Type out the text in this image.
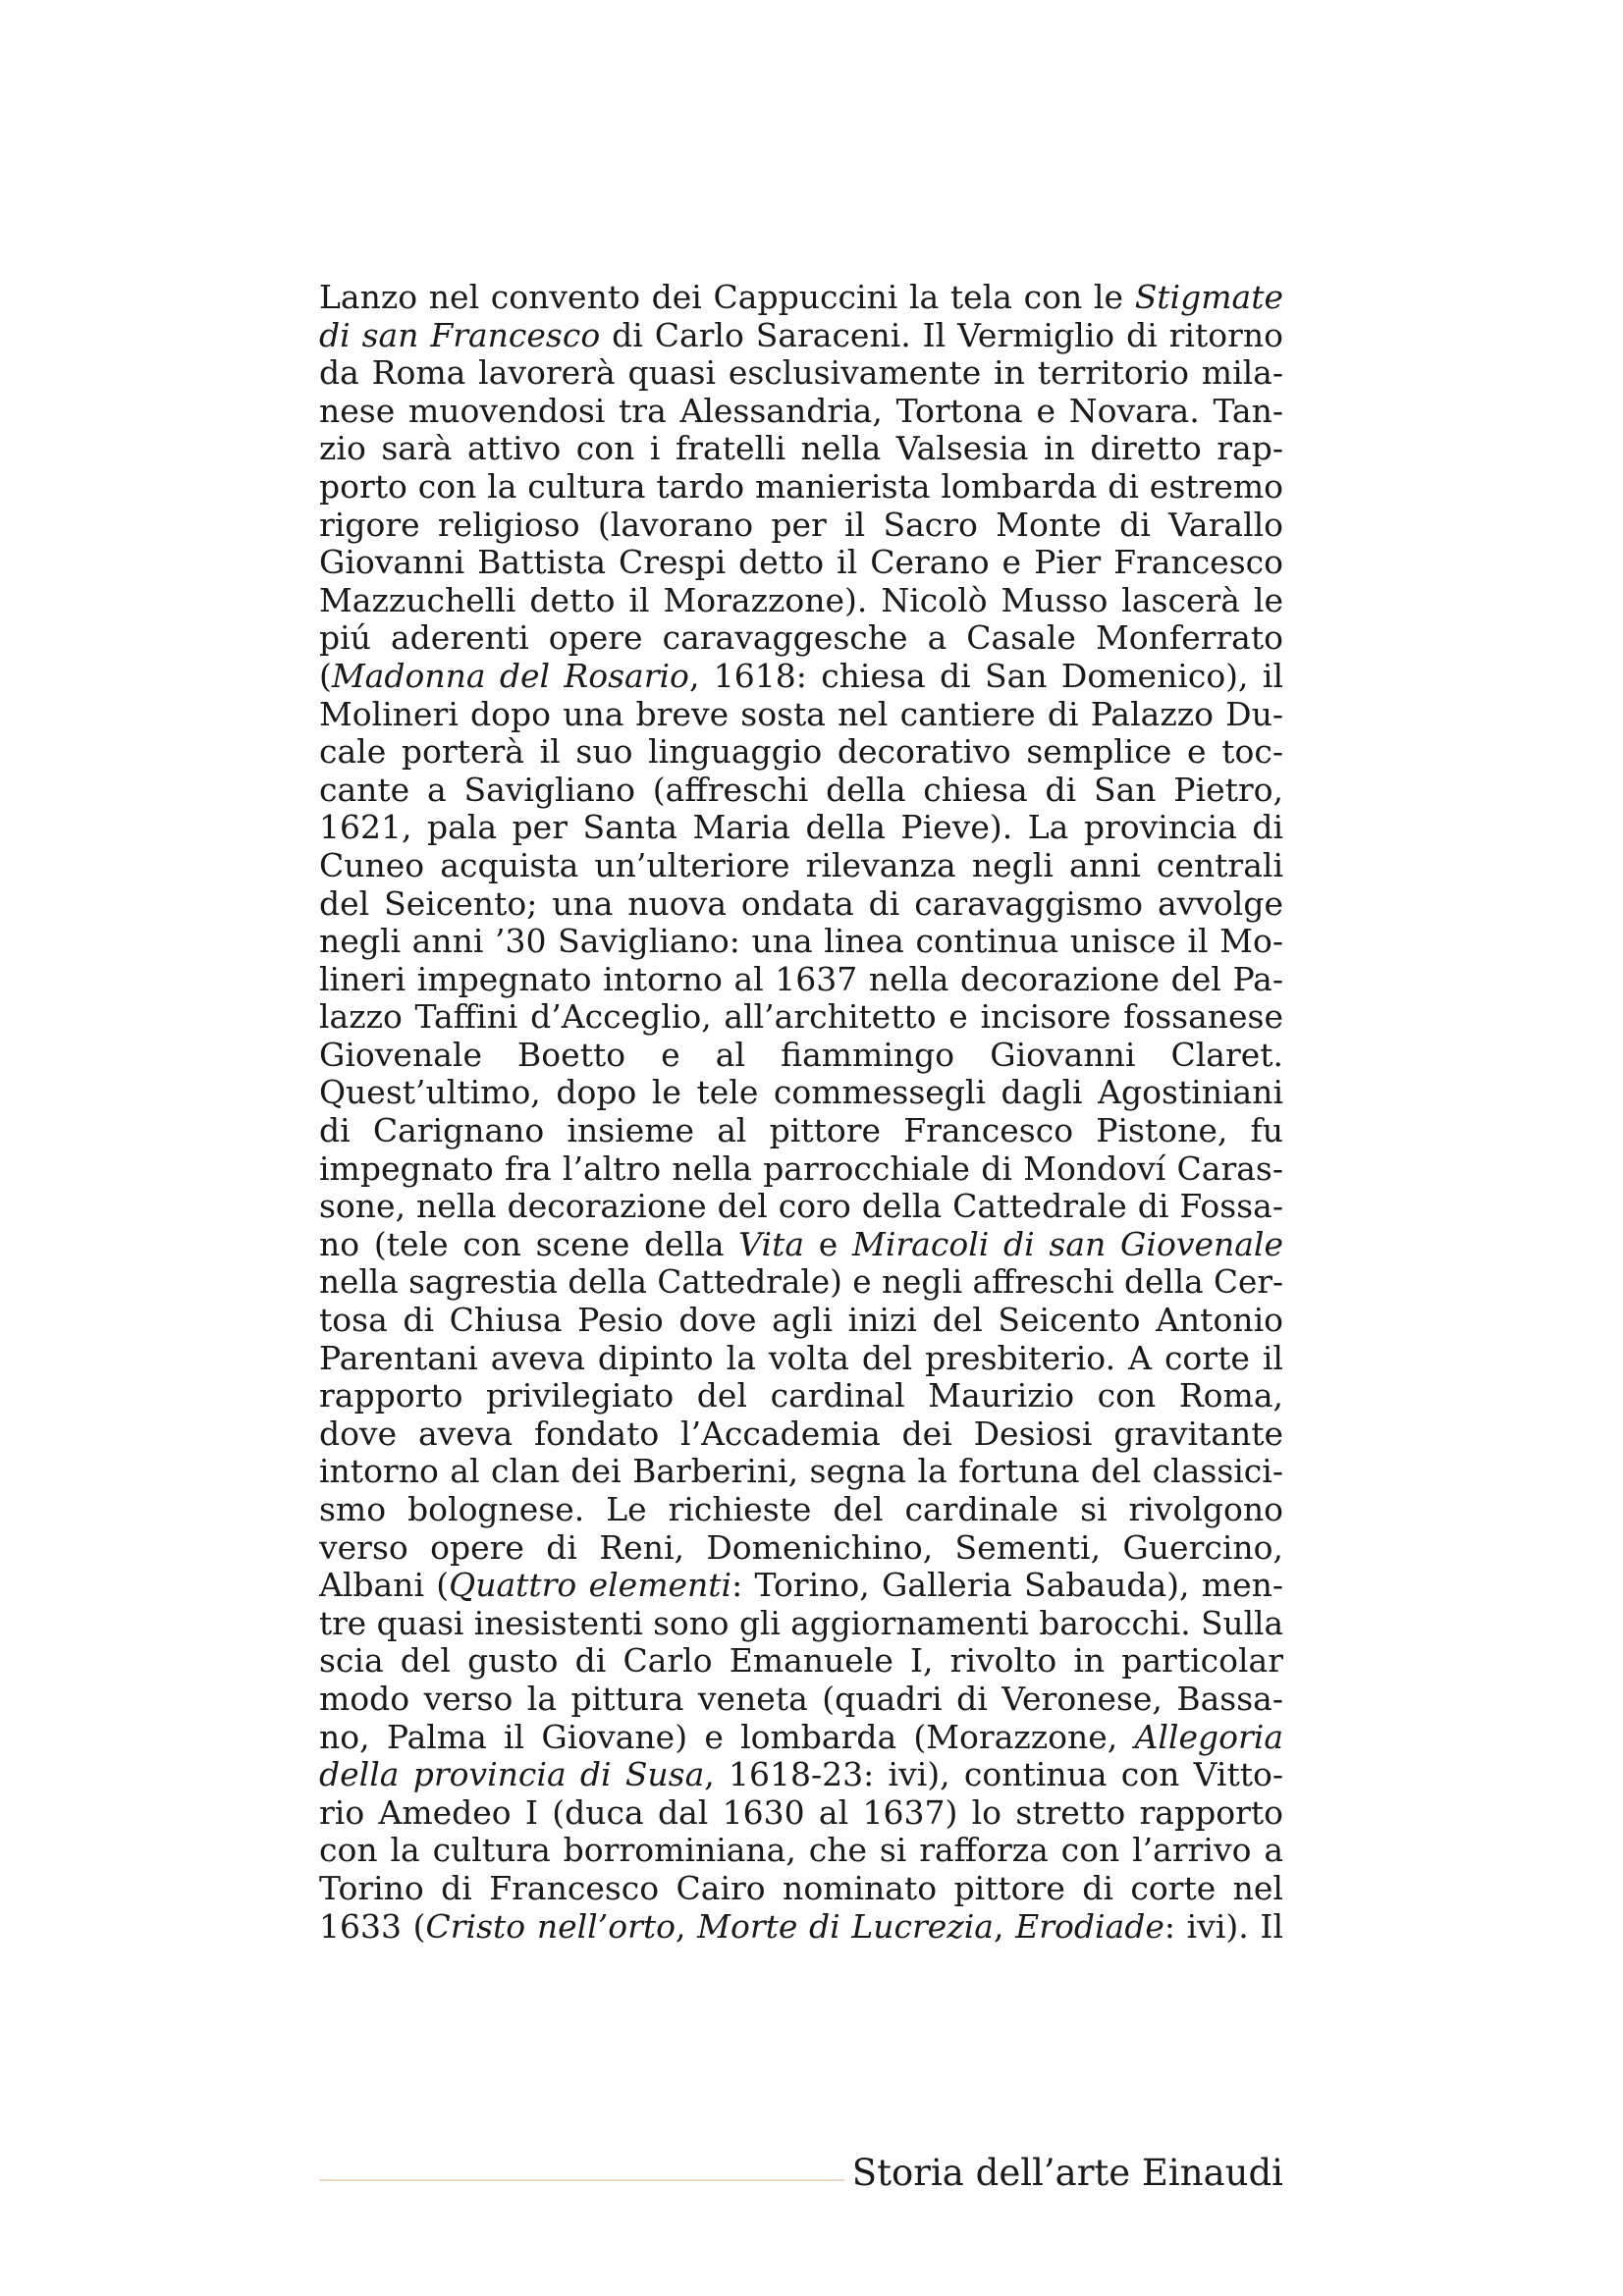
Lanzo nel convento dei Cappuccini la tela con le Stigmate
di san Francesco di Carlo Saraceni. Il Vermiglio di ritorno
da Roma lavorerà quasi esclusivamente in territorio mila-
nese muovendosi tra Alessandria, Tortona e Novara. Tan-
zio sarà attivo con i fratelli nella Valsesia in diretto rap-
porto con la cultura tardo manierista lombarda di estremo
rigore religioso (lavorano per il Sacro Monte di Varallo
Giovanni Battista Crespi detto il Cerano e Pier Francesco
Mazzuchelli detto il Morazzone). Nicolò Musso lascerà le
piú aderenti opere caravaggesche a Casale Monferrato
(Madonna del Rosario, 1618: chiesa di San Domenico), il
Molineri dopo una breve sosta nel cantiere di Palazzo Du-
cale porterà il suo linguaggio decorativo semplice e toc-
cante a Savigliano (affreschi della chiesa di San Pietro,
1621, pala per Santa Maria della Pieve). La provincia di
Cuneo acquista un’ulteriore rilevanza negli anni centrali
del Seicento; una nuova ondata di caravaggismo avvolge
negli anni ’30 Savigliano: una linea continua unisce il Mo-
lineri impegnato intorno al 1637 nella decorazione del Pa-
lazzo Taffini d’Acceglio, all’architetto e incisore fossanese
Giovenale Boetto e al fiammingo Giovanni Claret.
Quest’ultimo, dopo le tele commessegli dagli Agostiniani
di Carignano insieme al pittore Francesco Pistone, fu
impegnato fra l’altro nella parrocchiale di Mondoví Caras-
sone, nella decorazione del coro della Cattedrale di Fossa-
no (tele con scene della Vita e Miracoli di san Giovenale
nella sagrestia della Cattedrale) e negli affreschi della Cer-
tosa di Chiusa Pesio dove agli inizi del Seicento Antonio
Parentani aveva dipinto la volta del presbiterio. A corte il
rapporto privilegiato del cardinal Maurizio con Roma,
dove aveva fondato l’Accademia dei Desiosi gravitante
intorno al clan dei Barberini, segna la fortuna del classici-
smo bolognese. Le richieste del cardinale si rivolgono
verso opere di Reni, Domenichino, Sementi, Guercino,
Albani (Quattro elementi: Torino, Galleria Sabauda), men-
tre quasi inesistenti sono gli aggiornamenti barocchi. Sulla
scia del gusto di Carlo Emanuele I, rivolto in particolar
modo verso la pittura veneta (quadri di Veronese, Bassa-
no, Palma il Giovane) e lombarda (Morazzone, Allegoria
della provincia di Susa, 1618-23: ivi), continua con Vitto-
rio Amedeo I (duca dal 1630 al 1637) lo stretto rapporto
con la cultura borrominiana, che si rafforza con l’arrivo a
Torino di Francesco Cairo nominato pittore di corte nel
1633 (Cristo nell’orto, Morte di Lucrezia, Erodiade: ivi). Il
Storia dell’arte Einaudi
